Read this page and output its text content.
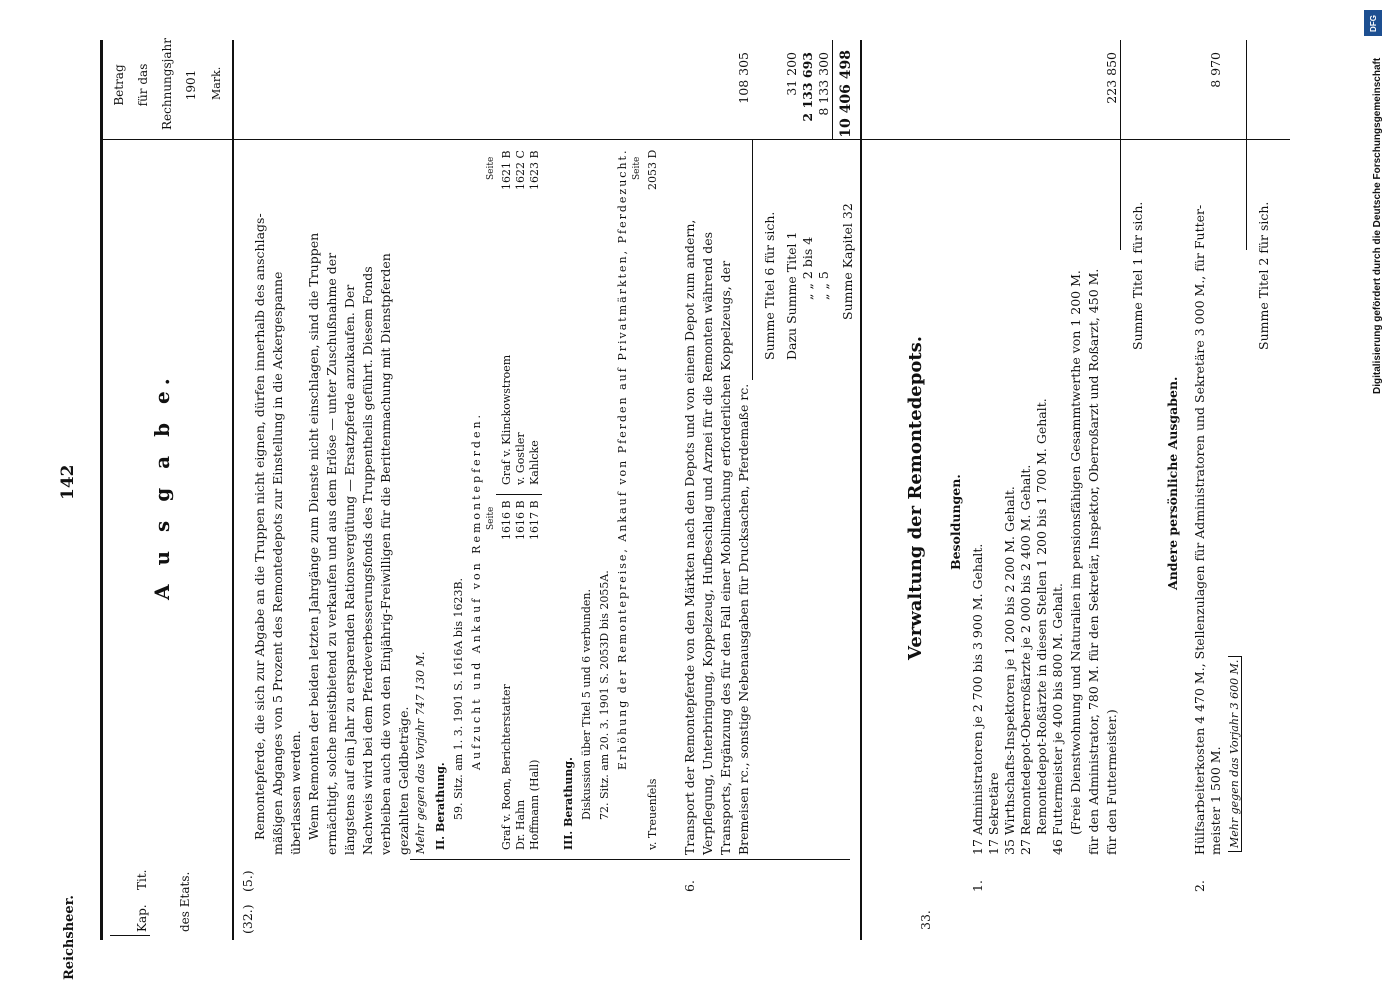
Reichsheer.
142
Kap.
Tit. des Etats.
A u s g a b e.
Betrag für das Rechnungsjahr 1901 Mark.
(32.)
(5.)
Remontepferde, die sich zur Abgabe an die Truppen nicht eignen, dürfen innerhalb des anschlags- mäßigen Abganges von 5 Prozent des Remontedepots zur Einstellung in die Ackergespanne überlassen werden. Wenn Remonten der beiden letzten Jahrgänge zum Dienste nicht einschlagen, sind die Truppen ermächtigt, solche meistbietend zu verkaufen und aus dem Erlöse — unter Zuschußnahme der längstens auf ein Jahr zu ersparenden Rationsvergütung — Ersatzpferde anzukaufen. Der Nachweis wird bei dem Pferdeverbesserungsfonds des Truppentheils geführt. Diesem Fonds verbleiben auch die von den Einjährig-Freiwilligen für die Berittenmachung mit Dienstpferden gezahlten Geldbeträge. Mehr gegen das Vorjahr 747 130 M. II. Berathung. 59. Sitz. am 1. 3. 1901 S. 1616A bis 1623B. Aufzucht und Ankauf von Remontepferden. Seite
Graf v. Roon, Berichterstatter
1616 B
Dr. Hahn
1616 B
Hoffmann (Hall)
1617 B
Seite
Graf v. Klinckowstroem
1621 B
v. Gostler
1622 C
Kahlcke
1623 B
III. Berathung. Diskussion über Titel 5 und 6 verbunden. 72. Sitz. am 20. 3. 1901 S. 2053D bis 2055A. Erhöhung der Remontepreise, Ankauf von Pferden auf Privatmärkten, Pferdezucht. Seite
v. Treuenfels
2053 D
6.
Transport der Remontepferde von den Märkten nach den Depots und von einem Depot zum andern, Verpflegung, Unterbringung, Koppelzeug, Hufbeschlag und Arznei für die Remonten während des Transports, Ergänzung des für den Fall einer Mobilmachung erforderlichen Koppelzeugs, der Bremeisen rc., sonstige Nebenausgaben für Drucksachen, Pferdemaße rc.
108 305
Summe Titel 6 für sich. Dazu Summe Titel 1
31 200
„ „ 2 bis 4
2 133 693
„ „ 5
8 133 300
Summe Kapitel 32
10 406 498
33.
Verwaltung der Remontedepots. Besoldungen.
1.
17 Administratoren je 2 700 bis 3 900 M. Gehalt. 17 Sekretäre 35 Wirthschafts-Inspektoren je 1 200 bis 2 200 M. Gehalt. 27 Remontedepot-Oberroßärzte je 2 000 bis 2 400 M. Gehalt. Remontedepot-Roßärzte in diesen Stellen 1 200 bis 1 700 M. Gehalt. 46 Futtermeister je 400 bis 800 M. Gehalt. (Freie Dienstwohnung und Naturalien im pensionsfähigen Gesammtwerthe von 1 200 M. für den Administrator, 780 M. für den Sekretär, Inspektor, Oberroßarzt und Roßarzt, 450 M. für den Futtermeister.)
223 850
Summe Titel 1 für sich.
Andere persönliche Ausgaben.
2.
Hülfsarbeiterkosten 4 470 M., Stellenzulagen für Administratoren und Sekretäre 3 000 M., für Futter- meister 1 500 M.
8 970
Mehr gegen das Vorjahr 3 600 M.
Summe Titel 2 für sich.
DFG
Digitalisierung gefördert durch die Deutsche Forschungsgemeinschaft
